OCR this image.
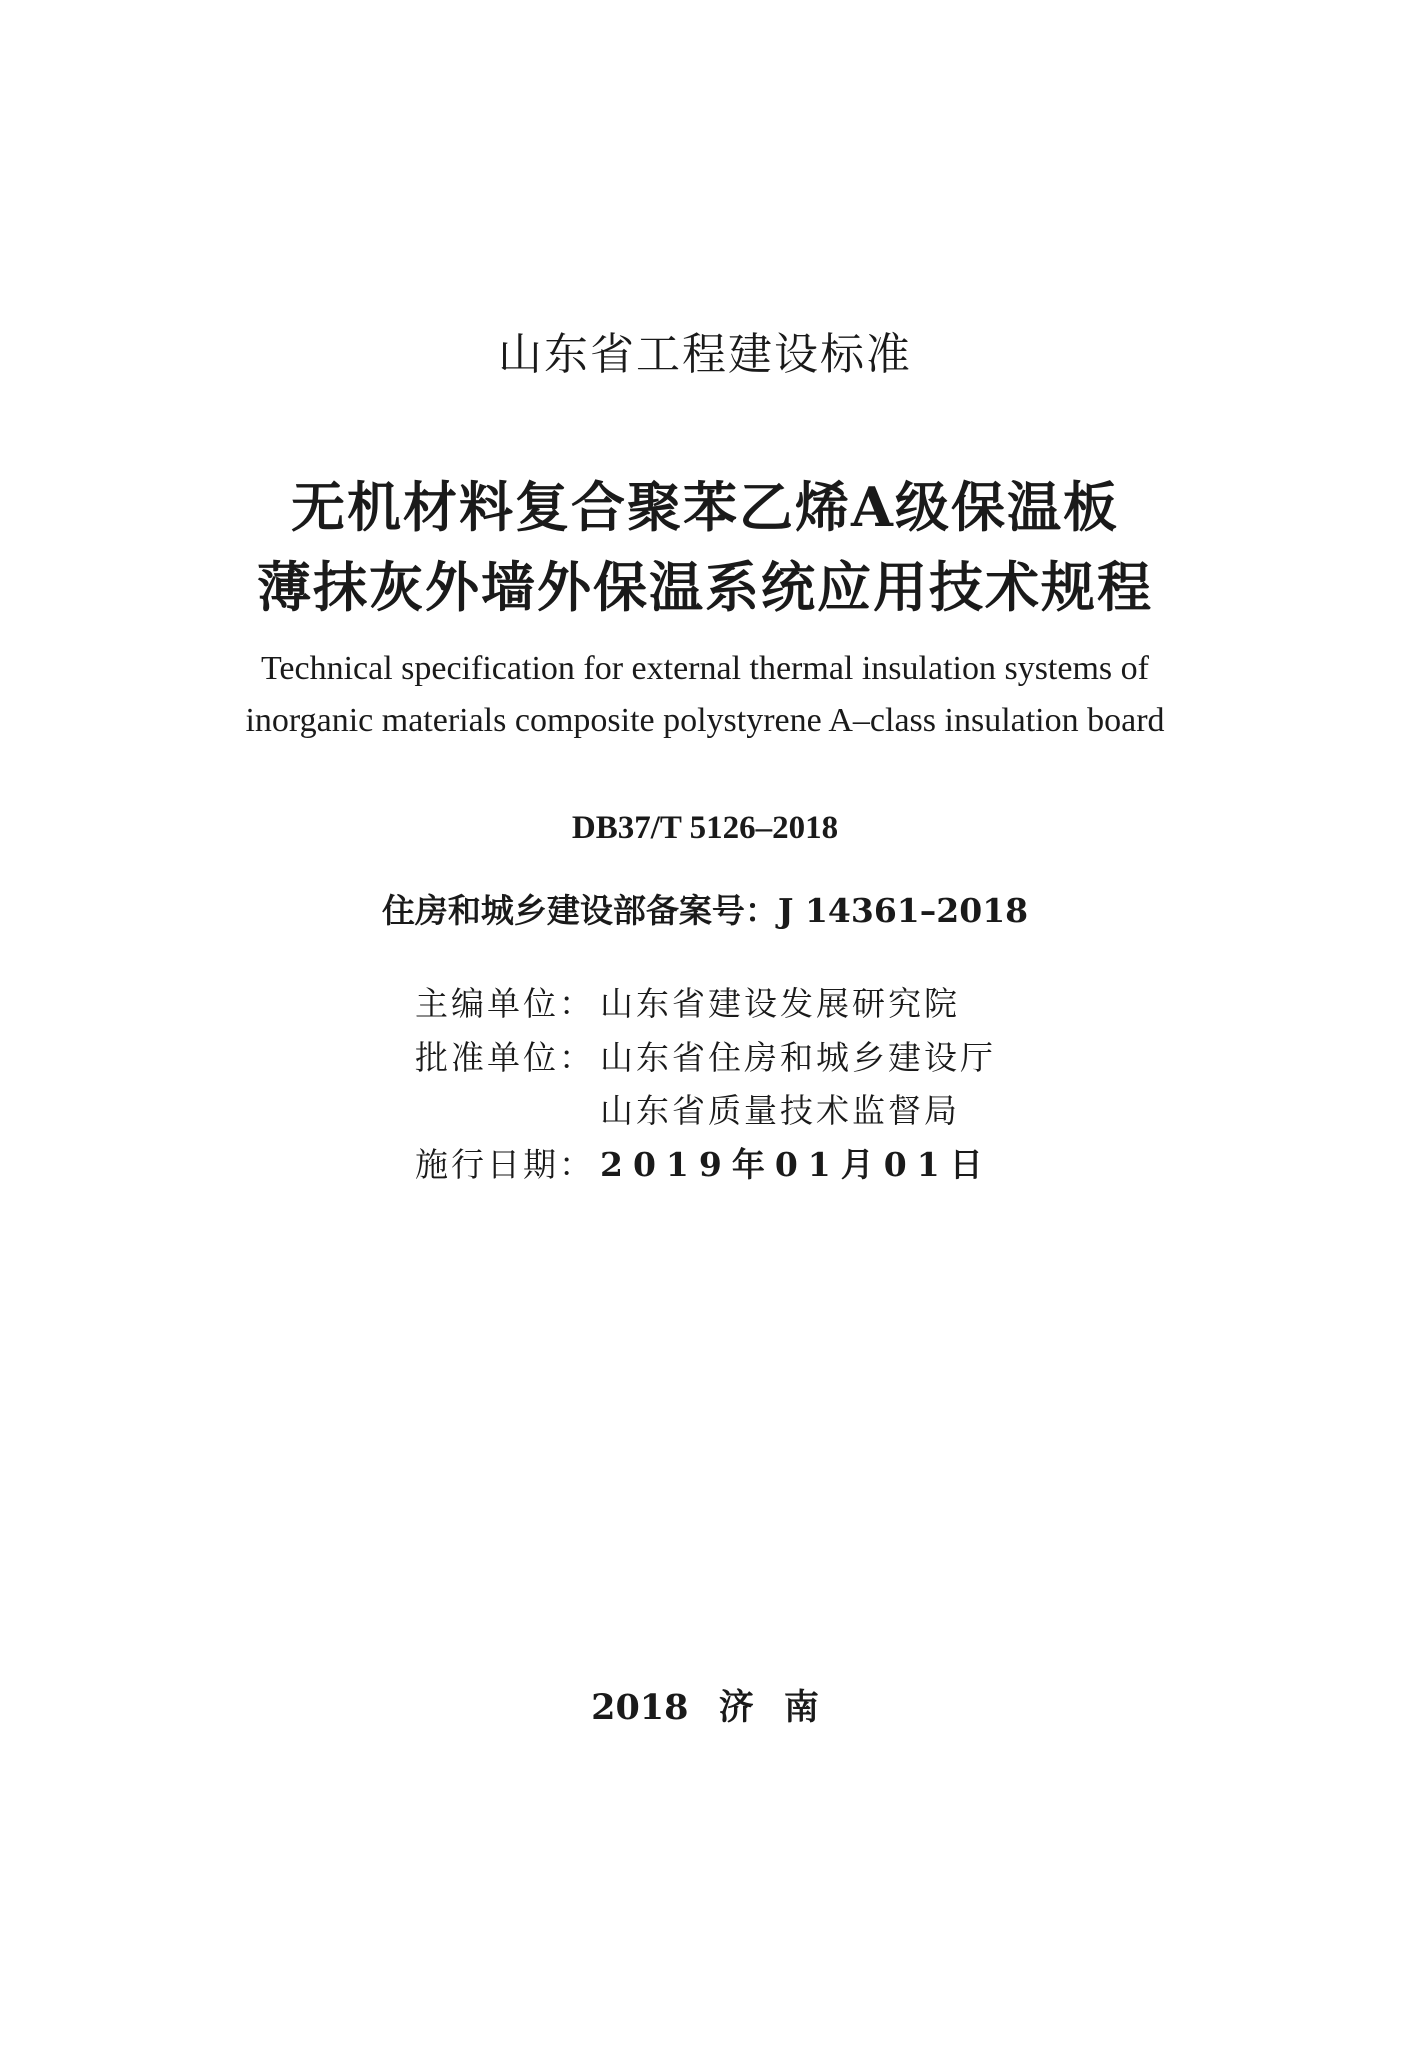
山东省工程建设标准
无机材料复合聚苯乙烯A级保温板
薄抹灰外墙外保温系统应用技术规程
Technical specification for external thermal insulation systems of
inorganic materials composite polystyrene A–class insulation board
DB37/T 5126–2018
住房和城乡建设部备案号：J 14361–2018
主编单位： 山东省建设发展研究院
批准单位： 山东省住房和城乡建设厅
山东省质量技术监督局
施行日期： 2019年01月01日
2018 济 南
